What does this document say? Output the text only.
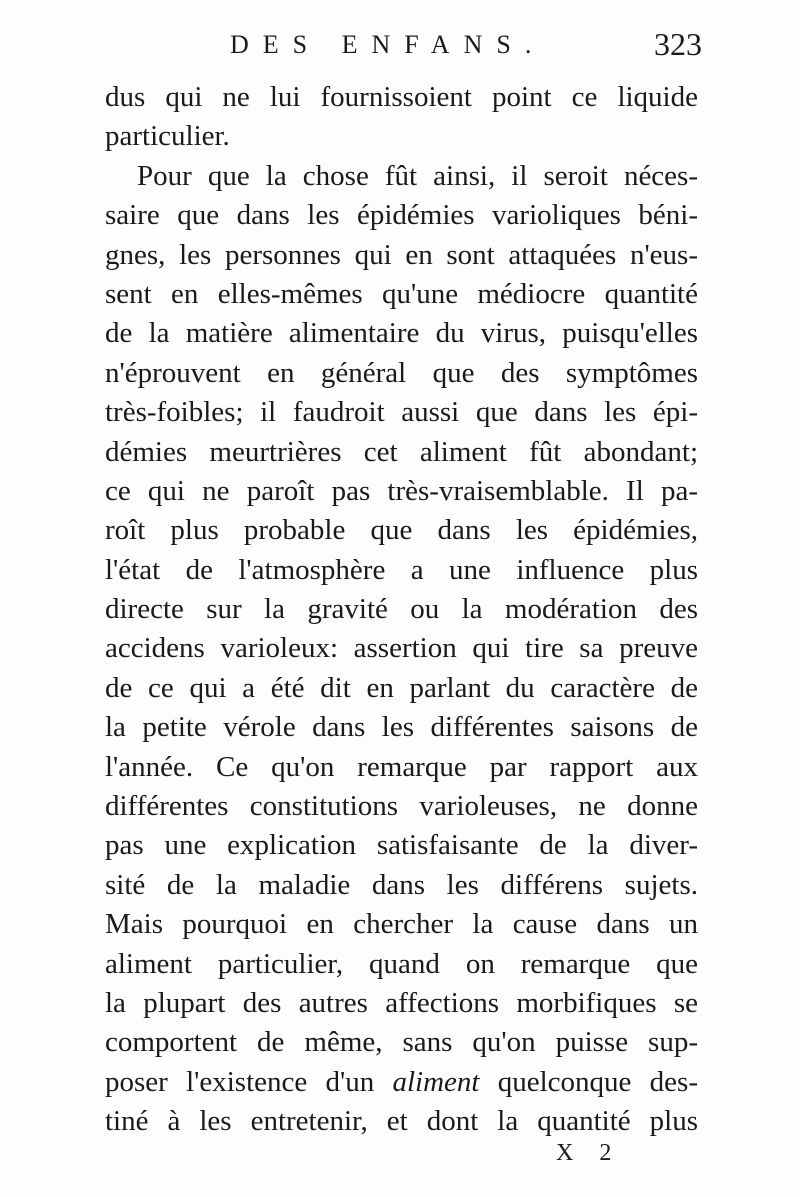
DES ENFANS.	323
dus qui ne lui fournissoient point ce liquide
particulier.
Pour que la chose fût ainsi, il seroit néces-
saire que dans les épidémies varioliques béni-
gnes, les personnes qui en sont attaquées n'eus-
sent en elles-mêmes qu'une médiocre quantité
de la matière alimentaire du virus, puisqu'elles
n'éprouvent en général que des symptômes
très-foibles; il faudroit aussi que dans les épi-
démies meurtrières cet aliment fût abondant;
ce qui ne paroît pas très-vraisemblable. Il pa-
roît plus probable que dans les épidémies,
l'état de l'atmosphère a une influence plus
directe sur la gravité ou la modération des
accidens varioleux: assertion qui tire sa preuve
de ce qui a été dit en parlant du caractère de
la petite vérole dans les différentes saisons de
l'année. Ce qu'on remarque par rapport aux
différentes constitutions varioleuses, ne donne
pas une explication satisfaisante de la diver-
sité de la maladie dans les différens sujets.
Mais pourquoi en chercher la cause dans un
aliment particulier, quand on remarque que
la plupart des autres affections morbifiques se
comportent de même, sans qu'on puisse sup-
poser l'existence d'un aliment quelconque des-
tiné à les entretenir, et dont la quantité plus
X 2
